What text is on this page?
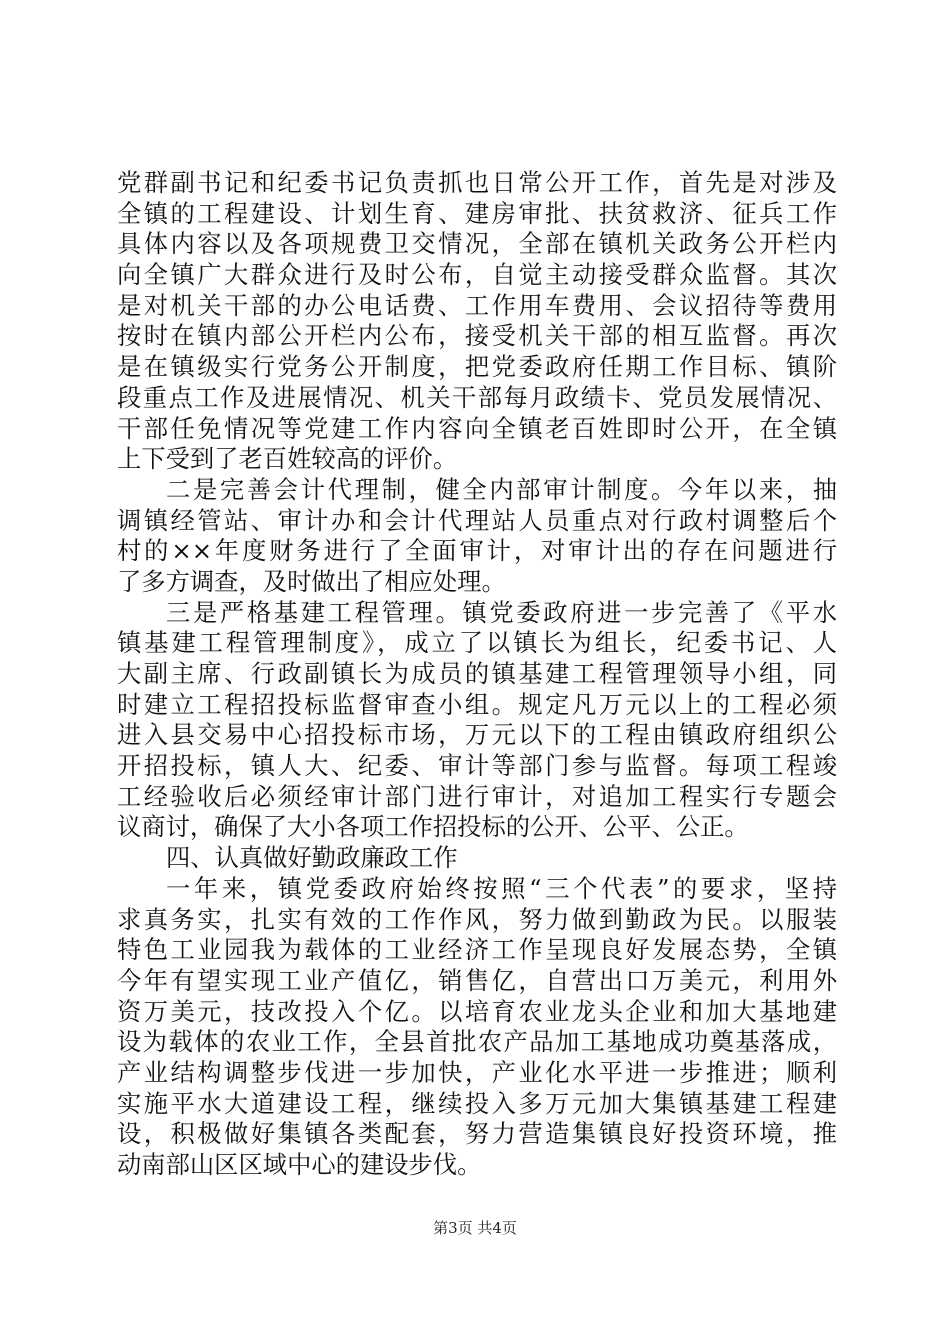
党群副书记和纪委书记负责抓也日常公开工作，首先是对涉及
全镇的工程建设、计划生育、建房审批、扶贫救济、征兵工作
具体内容以及各项规费卫交情况，全部在镇机关政务公开栏内
向全镇广大群众进行及时公布，自觉主动接受群众监督。其次
是对机关干部的办公电话费、工作用车费用、会议招待等费用
按时在镇内部公开栏内公布，接受机关干部的相互监督。再次
是在镇级实行党务公开制度，把党委政府任期工作目标、镇阶
段重点工作及进展情况、机关干部每月政绩卡、党员发展情况、
干部任免情况等党建工作内容向全镇老百姓即时公开，在全镇
上下受到了老百姓较高的评价。
二是完善会计代理制，健全内部审计制度。今年以来，抽
调镇经管站、审计办和会计代理站人员重点对行政村调整后个
村的××年度财务进行了全面审计，对审计出的存在问题进行
了多方调查，及时做出了相应处理。
三是严格基建工程管理。镇党委政府进一步完善了《平水
镇基建工程管理制度》，成立了以镇长为组长，纪委书记、人
大副主席、行政副镇长为成员的镇基建工程管理领导小组，同
时建立工程招投标监督审查小组。规定凡万元以上的工程必须
进入县交易中心招投标市场，万元以下的工程由镇政府组织公
开招投标，镇人大、纪委、审计等部门参与监督。每项工程竣
工经验收后必须经审计部门进行审计，对追加工程实行专题会
议商讨，确保了大小各项工作招投标的公开、公平、公正。
四、认真做好勤政廉政工作
一年来，镇党委政府始终按照“三个代表”的要求，坚持
求真务实，扎实有效的工作作风，努力做到勤政为民。以服装
特色工业园我为载体的工业经济工作呈现良好发展态势，全镇
今年有望实现工业产值亿，销售亿，自营出口万美元，利用外
资万美元，技改投入个亿。以培育农业龙头企业和加大基地建
设为载体的农业工作，全县首批农产品加工基地成功奠基落成，
产业结构调整步伐进一步加快，产业化水平进一步推进；顺利
实施平水大道建设工程，继续投入多万元加大集镇基建工程建
设，积极做好集镇各类配套，努力营造集镇良好投资环境，推
动南部山区区域中心的建设步伐。
第3页 共4页
